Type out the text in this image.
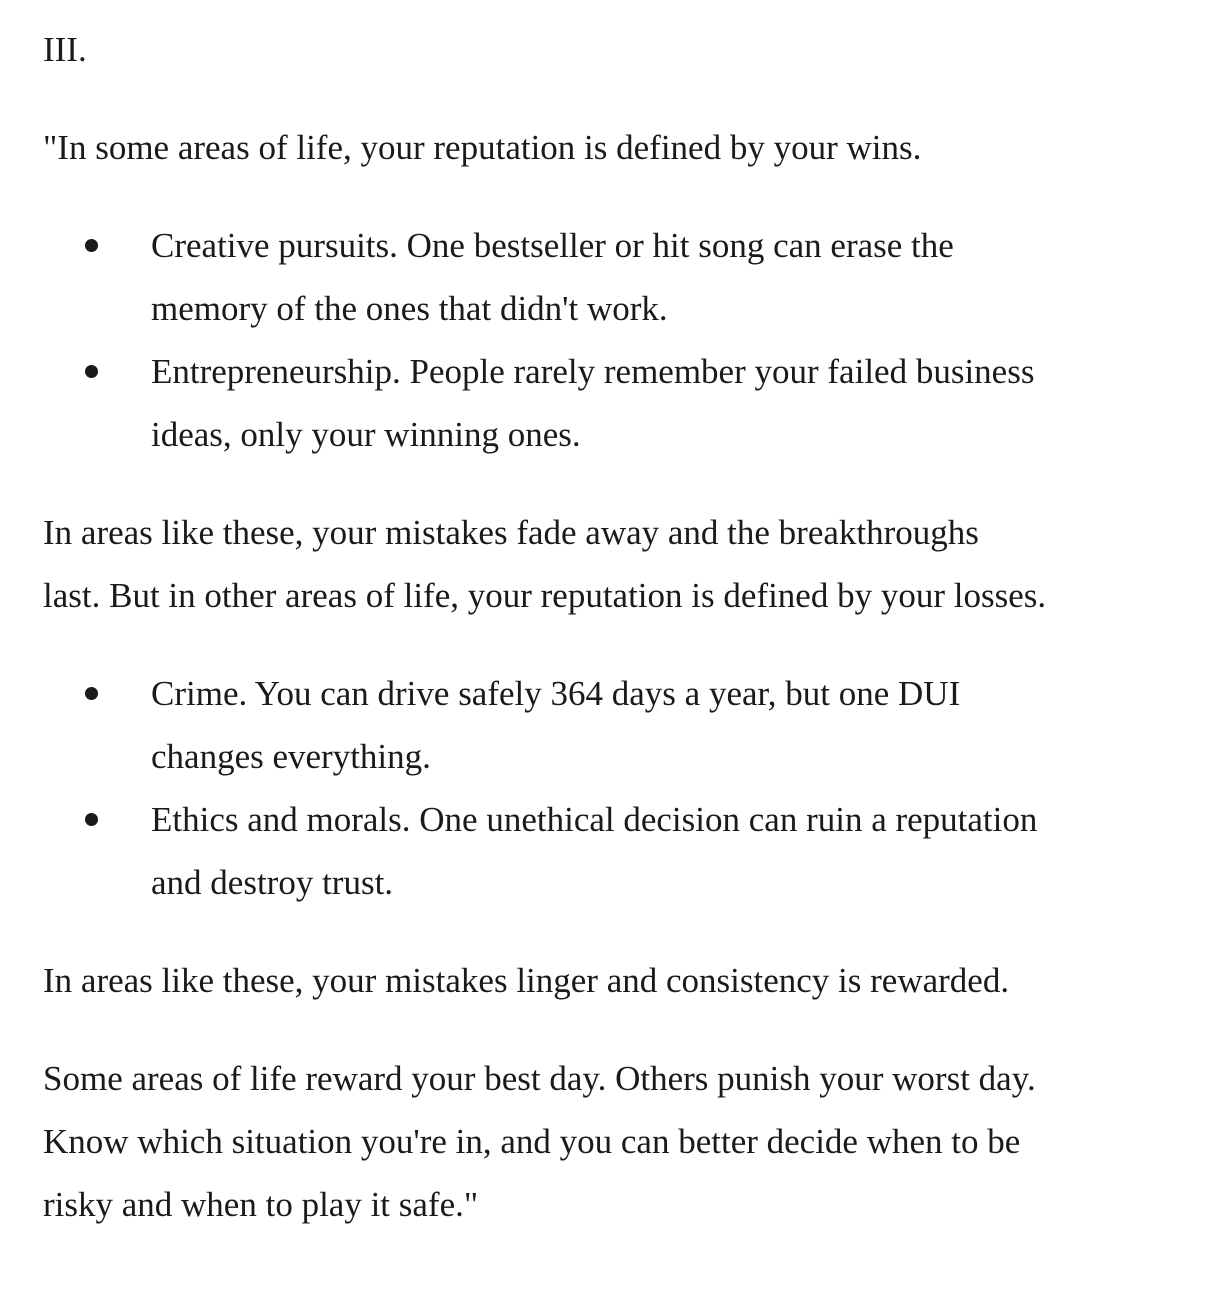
III.

"In some areas of life, your reputation is defined by your wins.

Creative pursuits. One bestseller or hit song can erase the
memory of the ones that didn't work.
Entrepreneurship. People rarely remember your failed business
ideas, only your winning ones.
In areas like these, your mistakes fade away and the breakthroughs
last. But in other areas of life, your reputation is defined by your losses.
Crime. You can drive safely 364 days a year, but one DUI
changes everything.
Ethics and morals. One unethical decision can ruin a reputation
and destroy trust.

In areas like these, your mistakes linger and consistency is rewarded.

Some areas of life reward your best day. Others punish your worst day.
Know which situation you're in, and you can better decide when to be
risky and when to play it safe."
